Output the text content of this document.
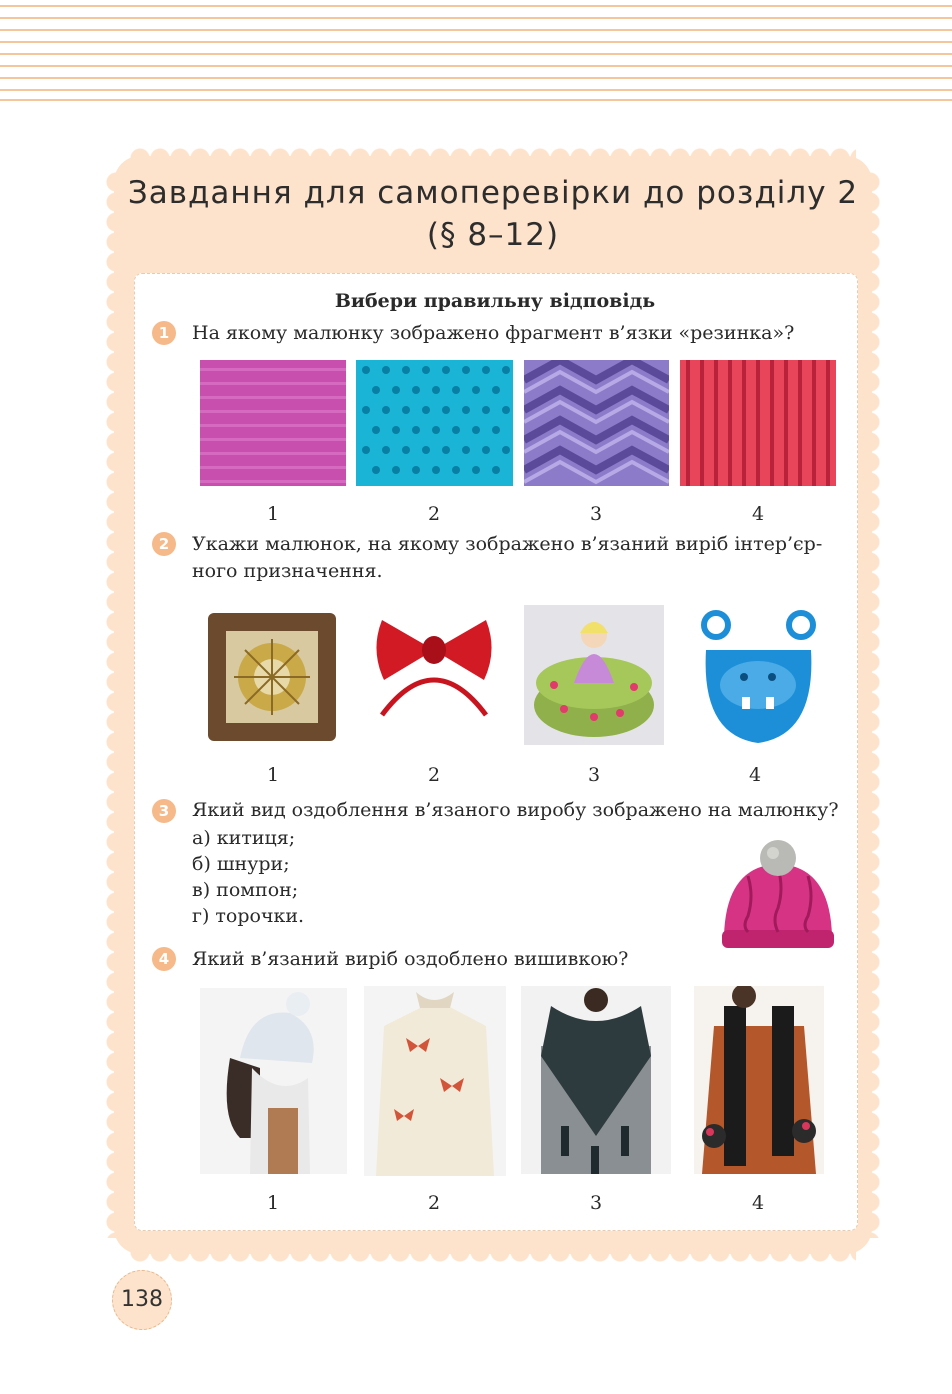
Завдання для самоперевірки до розділу 2
(§ 8–12)
Вибери правильну відповідь
1	На якому малюнку зображено фрагмент в’язки «резинка»?
1	2	3	4
2	Укажи малюнок, на якому зображено в’язаний виріб інтер’єр-
ного призначення.
1	2	3	4
3	Який вид оздоблення в’язаного виробу зображено на малюнку?
а) китиця;
б) шнури;
в) помпон;
г) торочки.
4	Який в’язаний виріб оздоблено вишивкою?
1	2	3	4
138
